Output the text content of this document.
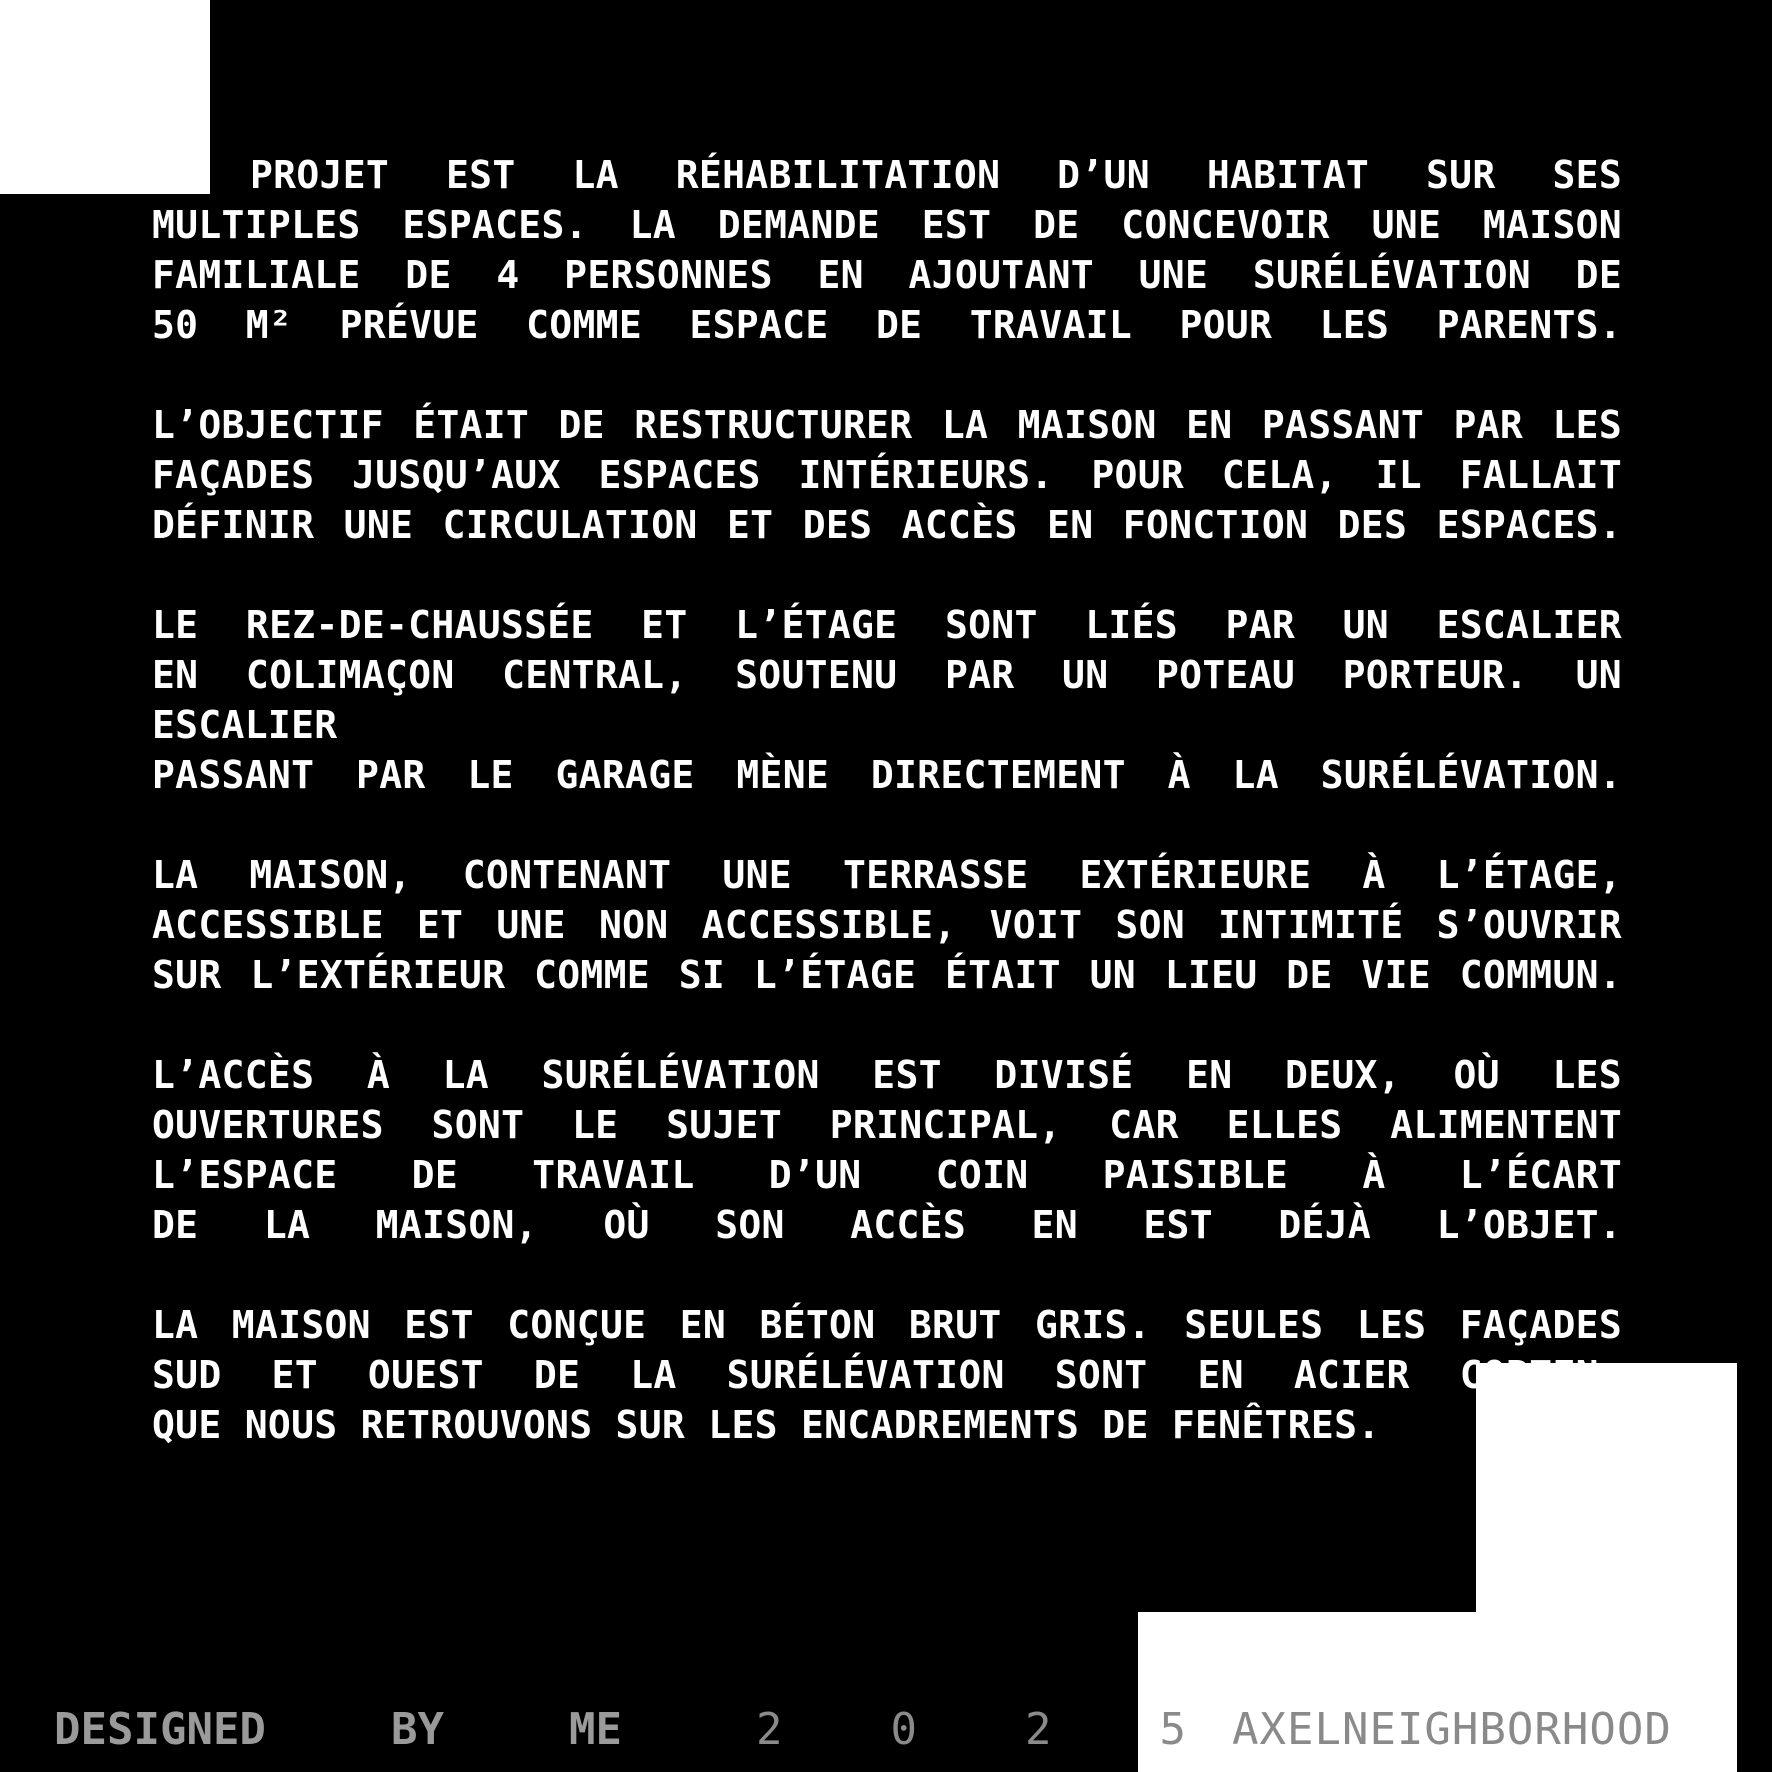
PROJET EST LA RÉHABILITATION D’UN HABITAT SUR SES
MULTIPLES ESPACES. LA DEMANDE EST DE CONCEVOIR UNE MAISON
FAMILIALE DE 4 PERSONNES EN AJOUTANT UNE SURÉLÉVATION DE
50 M² PRÉVUE COMME ESPACE DE TRAVAIL POUR LES PARENTS.
L’OBJECTIF ÉTAIT DE RESTRUCTURER LA MAISON EN PASSANT PAR LES
FAÇADES JUSQU’AUX ESPACES INTÉRIEURS. POUR CELA, IL FALLAIT
DÉFINIR UNE CIRCULATION ET DES ACCÈS EN FONCTION DES ESPACES.
LE REZ-DE-CHAUSSÉE ET L’ÉTAGE SONT LIÉS PAR UN ESCALIER
EN COLIMAÇON CENTRAL, SOUTENU PAR UN POTEAU PORTEUR. UN ESCALIER
PASSANT PAR LE GARAGE MÈNE DIRECTEMENT À LA SURÉLÉVATION.
LA MAISON, CONTENANT UNE TERRASSE EXTÉRIEURE À L’ÉTAGE,
ACCESSIBLE ET UNE NON ACCESSIBLE, VOIT SON INTIMITÉ S’OUVRIR
SUR L’EXTÉRIEUR COMME SI L’ÉTAGE ÉTAIT UN LIEU DE VIE COMMUN.
L’ACCÈS À LA SURÉLÉVATION EST DIVISÉ EN DEUX, OÙ LES
OUVERTURES SONT LE SUJET PRINCIPAL, CAR ELLES ALIMENTENT
L’ESPACE DE TRAVAIL D’UN COIN PAISIBLE À L’ÉCART
DE LA MAISON, OÙ SON ACCÈS EN EST DÉJÀ L’OBJET.
LA MAISON EST CONÇUE EN BÉTON BRUT GRIS. SEULES LES FAÇADES
SUD ET OUEST DE LA SURÉLÉVATION SONT EN ACIER CORTEN,
QUE NOUS RETROUVONS SUR LES ENCADREMENTS DE FENÊTRES.
DESIGNED	BY	ME	2 0 2 5 AXELNEIGHBORHOOD
